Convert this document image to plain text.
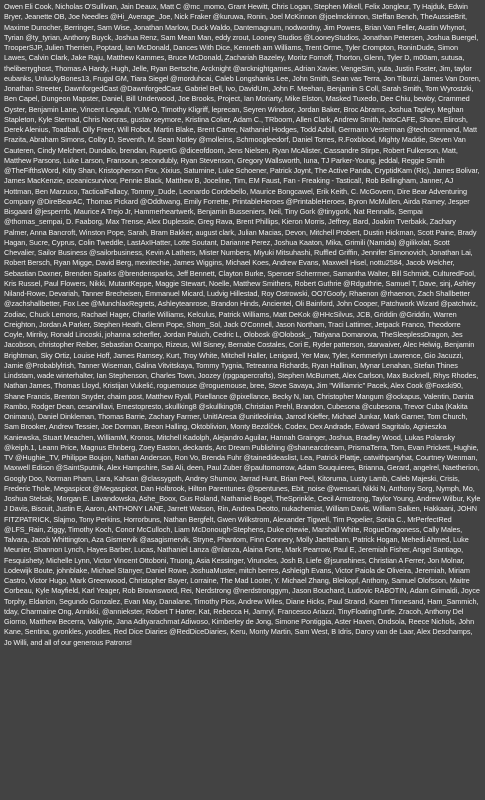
Owen Eli Cook, Nicholas O'Sullivan, Jain Deaux, Matt C @mc_momo, Grant Hewitt, Chris Logan, Stephen Mikell, Felix Jongleur, Ty Hajduk, Edwin Bryer, Jeanette OB, Joe Needles @Hi_Average_Joe, Nick Fraker @kuruwa, Ronin, Joel McKinnon @joelmckinnon, Steffan Bench, TheAussieBrit, Maxime Durocher, Berringer, Sam Wise, Jonathan Marlow, Duck Waldo, Dantemagnum, nodwordny, Jim Powers, Brian Van Feller, Austin Whynot, Tyrian @ty_tyrian, Anthony Buyck, Joshua Renz, Sam Mean Man, eddy zrout, Looney Studios @LooneyStudios, Jonathan Petersen, Joshua Buergel, TrooperSJP, Julien Therrien, Poptard, Ian McDonald, Dances With Dice, Kenneth am Williams, Trent Orme, Tyler Crompton, RoninDude, Simon Lawes, Calvin Clark, Jake Raju, Matthew Kammes, Bruce McDonald, Zachariah Bazeley, Moritz Fornoff, Thorton, Glenn, Tyler D, m00am, sutusa, theliberryghost, Thomas A Hardy, Hugh, Jelle, Ryan Bertsche, Arcknight @arcknightgames, Adrian Xavier, VengeSim, yuta, Justin Foster, Jim, taylor eubanks, UnluckyBones13, Frugal GM, Tiara Siegel @morduhcai, Caleb Longshanks Lee, John Smith, Sean vas Terra, Jon Tiburzi, James Van Doren, Jonathan Streeter, DawnforgedCast @DawnforgedCast, Gabriel Bell, Ivo, DavidUm, John F. Meehan, Benjamin S Coll, Sarah Smith, Tom Wyrostzki, Ben Capel, Dungeon Mapster, Daniel, Bill Underwood, Joe Brooks, Project, Ian Moriarty, Mike Elston, Masked Tuxedo, Dee Chiu, bewby, Crammed Oyster, Benjamin Lane, Vincent Legault, YUM-O, Timothy Kligriff, leprecan, Seyren Windsor, Jordan Baker, Broc Abrams, Joshua Tapley, Meghan Stapleton, Kyle Sternad, Chris Norcras, gustav seymore, Kristina Coker, Adam C., TRboom, Allen Clark, Andrew Smith, hatoCAFE, Shane, Elirosh, Derek Alenius, Toadball, Olly Freer, Will Robot, Martin Blake, Brent Carter, Nathaniel Hodges, Todd Azbill, Germann Vesterman @techcommand, Matt Frazita, Abraham Simons, Colby D, Seventh, M. Sean Notley @molleins, Schmoogleedorf, Daniel Torres, R.Foxblood, Mighty Maddie, Steven Van Cauteren, Cindy Melchert, Dundalo, brendan, RupertG @diceofdoom, Jens Nielsen, Ryan McAlister, Cassandre Stirpe, Robert Fulkerson, Matt, Matthew Parsons, Luke Larson, Fransoun, secondubly, Ryan Stevenson, Gregory Wallsworth, Iuna, TJ Parker-Young, jeddal, Reggie Smith @TheFifthsWord, Kitty Shan, Kristopherson Fox, Xixius, Saturnine, Luke Schoener, Patrick Joynt, The Active Panda, CryptidKam (Ric), James Bolivar, James MacKenzie, oceanicsurvivor, Pennie Black, Matthew B, Joceline, Tim, EM Faust, Fan - Freaking - Tastical!, Rob Bellingham, Janner, AJ Hottman, Ben Marzuco, TacticalFallacy, Tommy_Dude, Leonardo Cordebello, Maurice Bongcawel, Erik Keith, C. McGovern, Dire Bear Adventuring Company @DireBearAC, Thomas Pickard @Oddtwang, Emily Forrette, PrintableHeroes @PrintableHeroes, Byron McMullen, Airda Ramey, Jesper Bisgaard @jesperrrb, Maurice A Trejo Jr, Hammerheartwerk, Benjamin Busseniers, Neil, Tiny Gork @tinygork, Nat Rennalls, Sempai @thomas_sempai, D. Faaborg, Max Trense, Alex Duplessie, Greg Rava, Brent Phillips, Kieron Morris, Jeffrey, Bard, Joakim Tverbakk, Zachary Palmer, Anna Bancroft, Winston Pope, Sarah, Bram Bakker, august clark, Julian Macias, Devon, Mitchell Probert, Dustin Hickman, Scott Paine, Brady Hagan, Sucre, Cyprus, Colin Tweddle, LastAxIHatter, Lotte Soutant, Darianne Perez, Joshua Kaaton, Mika, Grimili (Namida) @gilikolat, Scott Chevalier, Sailor Business @sailorbusiness, Kevin A Lathers, Mister Numbers, Miyuki Mitsuhashi, Ruffled Griffin, Jennifer Simonovich, Jonathan Lai, Robert Bersch, Ryan Migge, David Berg, mexitechie, James Wiggins, Michael Koes, Andrew Evans, Maxwell Hisel, nottu2584, Jacob Welcher, Sebastian Daxner, Brenden Sparks @brendensparks, Jeff Bennett, Clayton Burke, Spenser Scherrmer, Samantha Walter, Bill Schmidt, CulturedFool, Kris Russel, Paul Flowers, Nikki, MutantKeppe, Maggie Stewart, Noelle, Matthew Smithers, Robert Guthrie @Rdguthrie, Samuel T, Dave, sinj, Ashley Niland-Rowe, Devariah, Tanner Brecheisen, Emmanuel Micard, Ludvig Hillestad, Roy Ostrowski, OO7Goofy, Rhaenon @rhaenon, Zach Shallbetter @zachshallbetter, Fox Lee @MunchlaxRegrets, Ashleyteanrose, Brandon Hinds, Ancientel, Oli Bainford, John Cooper, Patchwork Wizard @patchwiz, Zodiac, Chuck Lemons, Rachael Hager, Charlie Williams, Kelculus, Patrick Williams, Matt DeKok @HHcSilvus, JCB, Griddin @Griddin, Warren Creighton, Jordan A Parker, Stephen Heath, Glenn Pope, Shom_Sol, Jack O'Connell, Jason Northam, Traci Lattimer, Jetpack Franco, Theodorre Coyle, Mirriky, Ronald Lincoski, johanna scherfler, Jordan Paluch, Cedric L, Olobosk @Olobosk_, Tatiyana Domanova, TheSleeplessDragon, Jes Jacobson, christopher Reiber, Sebastian Ocampo, Rizeus, Wil Sisney, Bernabe Costales, Cori E, Ryder patterson, starwaiver, Alec Helwig, Benjamin Brightman, Sky Ortiz, Louise Hoff, James Ramsey, Kurt, Troy White, Mitchell Haller, Lenigard, Yer Maw, Tyler, Kemmerlyn Lawrence, Gio Jacuzzi, Jamie @Probablylrish, Tanner Wiseman, Galina Vitvitskaya, Tommy Tygnia, Tetreanna Richards, Ryan Hallinan, Mynar Lenahan, Stefan Thines Lindstam, wade winterhalter, Ian Stephenson, Charles Town, Joozey (rpgpapercrafts), Stephen McBurnett, Alex Carlson, Max Bucknell, Rhys Rhodes, Nathan James, Thomas Lloyd, Kristijan Vukelić, roguemouse @roguemouse, bree, Steve Savaya, Jim "Williamric" Pacek, Alex Cook @Foxski90, Shane Francis, Brenton Snyder, chaim post, Matthew Ryall, Pixellance @pixellance, Becky N, Ian, Christopher Mangum @ockapus, Valentin, Danita Rambo, Rodger Dean, cesarvillavi, Ernestopresto, skullking8 @skullking08, Christian Prehl, Brandon, Cubesona @cubesona, Trevor Cuba (Kakita Onimaru), Daniel Dinkleman, Thomas Barrie, Zachary Farmer, UnitIAresa @unitleolinka, Jarrod Kieffer, Michael Junkar, Mark Garner, Tom Church, Sam Brooker, Andrew Tessier, Joe Dorman, Breon Halling, Oktoblivion, Monty Bezdíček, Codex, Dex Andrade, Edward Sagritalo, Agnieszka Kaniewska, Stuart Meachen, WilliamM, Kronos, Mitchell Kadolph, Alejandro Aguilar, Hannah Grainger, Joshua, Bradley Wood, Lukas Polansky @keiph.1, Leann Price, Magnus Ehnberg, Zoey Easton, deckards, Arc Dream Publishing @shanearcdream, PrismaTerra, Tom, Evan Prickett, Hughie, TV @Hughie_TV, Philippe Boujon, Nathan Anderson, Ron Vo, Brenda Fuhr @tainedideaslist, Lea, Patrick Plattje, catwithpartyhat, Courtney Wenman, Maxwell Edison @SaintSputnik, Alex Hampshire, Sati Ali, deen, Paul Zuber @paultomorrow, Adam Souquieres, Brianna, Gerard, angelrel, Naetherion, Googly Doo, Norman Pham, Lara, Kahsan @classygoth, Andrey Shumov, Jarrad Hunt, Brian Peel, Kitoruma, Lusty Lamb, Caleb Majeski, Crisis, Frederic Thole, Megaspicot @Megaspicot, Dan Holbrook, Hilton Parentunes @spentunes, Ebit_noise @wensari, Nikki N, Anthony Sorg, Nymph, Mo, Joshua Stelsak, Morgan E. Lavandowska, Ashe_Boox, Gus Roland, Nathaniel Bogel, TheSprinkle, Cecil Armstrong, Taylor Young, Andrew Wilbur, Kyle J Davis, Biscuit, Justin E, Aaron, ANTHONY LANE, Jarrett Watson, Rin, Andrea Deotto, nukachemist, William Davis, William Salken, Hakkaani, JOHN FITZPATRICK, Slajmo, Tony Perkins, Horrorbuns, Nathan Bergfelt, Gwen Wilkstrom, Alexander Tigwell, Tim Popelier, Sonia C., MrPerfectRed @LFS_Rain, Ziggy, Timothy Koch, Conor McCulloch, Liam McDonough-Stephens, Duke chewie, Marshall White, RogueDragoness, Cally Males, Talvara, Jacob Whittington, Aza Gismervik @asagismervik, Stryne, Phantom, Finn Connery, Molly Jaettebarn, Patrick Hogan, Mehedi Ahmed, Luke Meunier, Shannon Lynch, Hayes Barber, Lucas, Nathaniel Lanza @nlanza, Alaina Forte, Mark Pearrow, Paul E, Jeremiah Fisher, Angel Santiago, Fesquishety, Michelle Lynn, Victor Vincent Ottoboni, Truong, Asia Kessinger, Viruncles, Josh B, Liefe @jsunshines, Christian A Ferrer, Jon Molnar, Lodewijk Boute, johnblake, Michael Stanyer, Daniel Rowe, JoshuaMuster, mitch berres, Ashleigh Evans, Victor Paiola de Oliveira, Jeremiah, Miriam Castro, Victor Hugo, Mark Greenwood, Christopher Bayer, Lorraine, The Mad Looter, Y. Michael Zhang, Bleikopf, Anthony, Samuel Olofsson, Maitre Corbeau, Kyle Mayfield, Karl Yeager, Rob Brownsword, Rei, Nerdstrong @nerdstronggym, Jason Bouchard, Ludovic RABOTIN, Adam Grimaldi, Joyce Torphy, Eldarion, Segundo Gonzalez, Evan May, Danalane, Timothy Pios, Andrew Wiles, Diane Hicks, Paul Strand, Karen Tinnesand, Ham_Sammich, tday, Charmaine Ong, Annikki, @anniekster, Robert T Harter, Kat, Rebecca H, Jamryl, Francesco Ariazzi, TinyFloatingTurtle, Zracoh, Anthony Del Giorno, Matthew Becerra, Valkyrie, Jana Adityarachmat Adiwoso, Kimberley de Jong, Simone Pontiggia, Aster Haven, Ondsola, Reece Nichols, John Kane, Sentina, gvonkles, yoodles, Red Dice Diaries @RedDiceDiaries, Keru, Monty Martin, Sam West, B Idris, Darcy van de Laar, Alex Deschamps, Jo Willi, and all of our generous Patrons!
